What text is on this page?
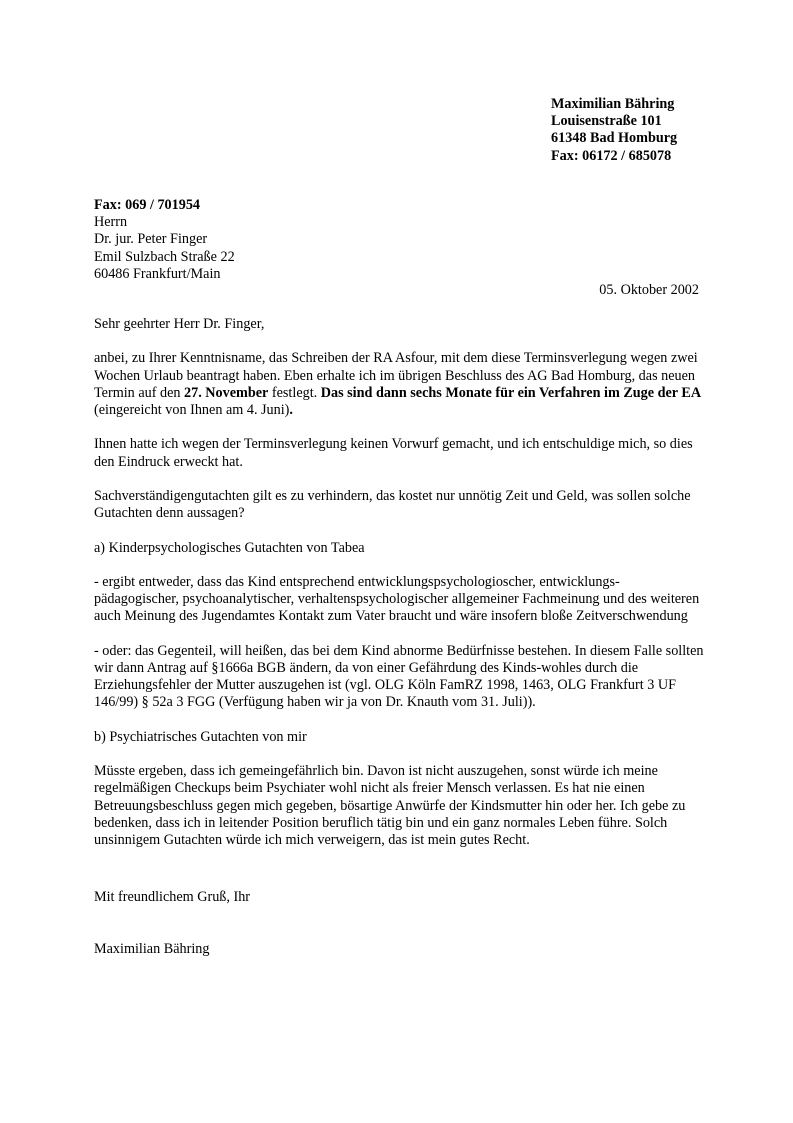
Maximilian Bähring
Louisenstraße 101
61348 Bad Homburg
Fax: 06172 / 685078
Fax: 069 / 701954
Herrn
Dr. jur. Peter Finger
Emil Sulzbach Straße 22
60486 Frankfurt/Main
05. Oktober 2002

Sehr geehrter Herr Dr. Finger,

anbei, zu Ihrer Kenntnisname, das Schreiben der RA Asfour, mit dem diese Terminsverlegung wegen zwei Wochen Urlaub beantragt haben. Eben erhalte ich im übrigen Beschluss des AG Bad Homburg, das neuen Termin auf den 27. November festlegt. Das sind dann sechs Monate für ein Verfahren im Zuge der EA (eingereicht von Ihnen am 4. Juni).

Ihnen hatte ich wegen der Terminsverlegung keinen Vorwurf gemacht, und ich entschuldige mich, so dies den Eindruck erweckt hat.

Sachverständigengutachten gilt es zu verhindern, das kostet nur unnötig Zeit und Geld, was sollen solche Gutachten denn aussagen?

a) Kinderpsychologisches Gutachten von Tabea

- ergibt entweder, dass das Kind entsprechend entwicklungspsychologioscher, entwicklungs-pädagogischer, psychoanalytischer, verhaltenspsychologischer allgemeiner Fachmeinung und des weiteren auch Meinung des Jugendamtes Kontakt zum Vater braucht und wäre insofern bloße Zeitverschwendung

- oder: das Gegenteil, will heißen, das bei dem Kind abnorme Bedürfnisse bestehen. In diesem Falle sollten wir dann Antrag auf §1666a BGB ändern, da von einer Gefährdung des Kinds-wohles durch die Erziehungsfehler der Mutter auszugehen ist (vgl. OLG Köln FamRZ 1998, 1463, OLG Frankfurt 3 UF 146/99) § 52a 3 FGG (Verfügung haben wir ja von Dr. Knauth vom 31. Juli)).

b) Psychiatrisches Gutachten von mir

Müsste ergeben, dass ich gemeingefährlich bin. Davon ist nicht auszugehen, sonst würde ich meine regelmäßigen Checkups beim Psychiater wohl nicht als freier Mensch verlassen. Es hat nie einen Betreuungsbeschluss gegen mich gegeben, bösartige Anwürfe der Kindsmutter hin oder her. Ich gebe zu bedenken, dass ich in leitender Position beruflich tätig bin und ein ganz normales Leben führe. Solch unsinnigem Gutachten würde ich mich verweigern, das ist mein gutes Recht.

Mit freundlichem Gruß, Ihr
Maximilian Bähring
